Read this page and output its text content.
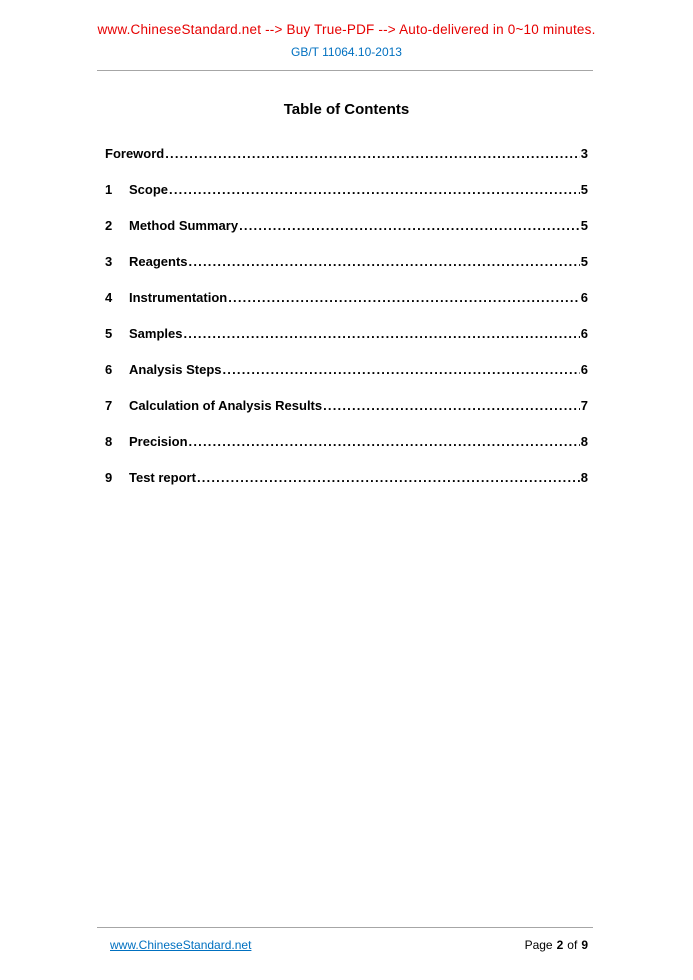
www.ChineseStandard.net --> Buy True-PDF --> Auto-delivered in 0~10 minutes.
GB/T 11064.10-2013
Table of Contents
Foreword .....	3
1	Scope .....	5
2	Method Summary .....	5
3	Reagents .....	5
4	Instrumentation .....	6
5	Samples .....	6
6	Analysis Steps .....	6
7	Calculation of Analysis Results .....	7
8	Precision .....	8
9	Test report .....	8
www.ChineseStandard.net	Page 2 of 9
